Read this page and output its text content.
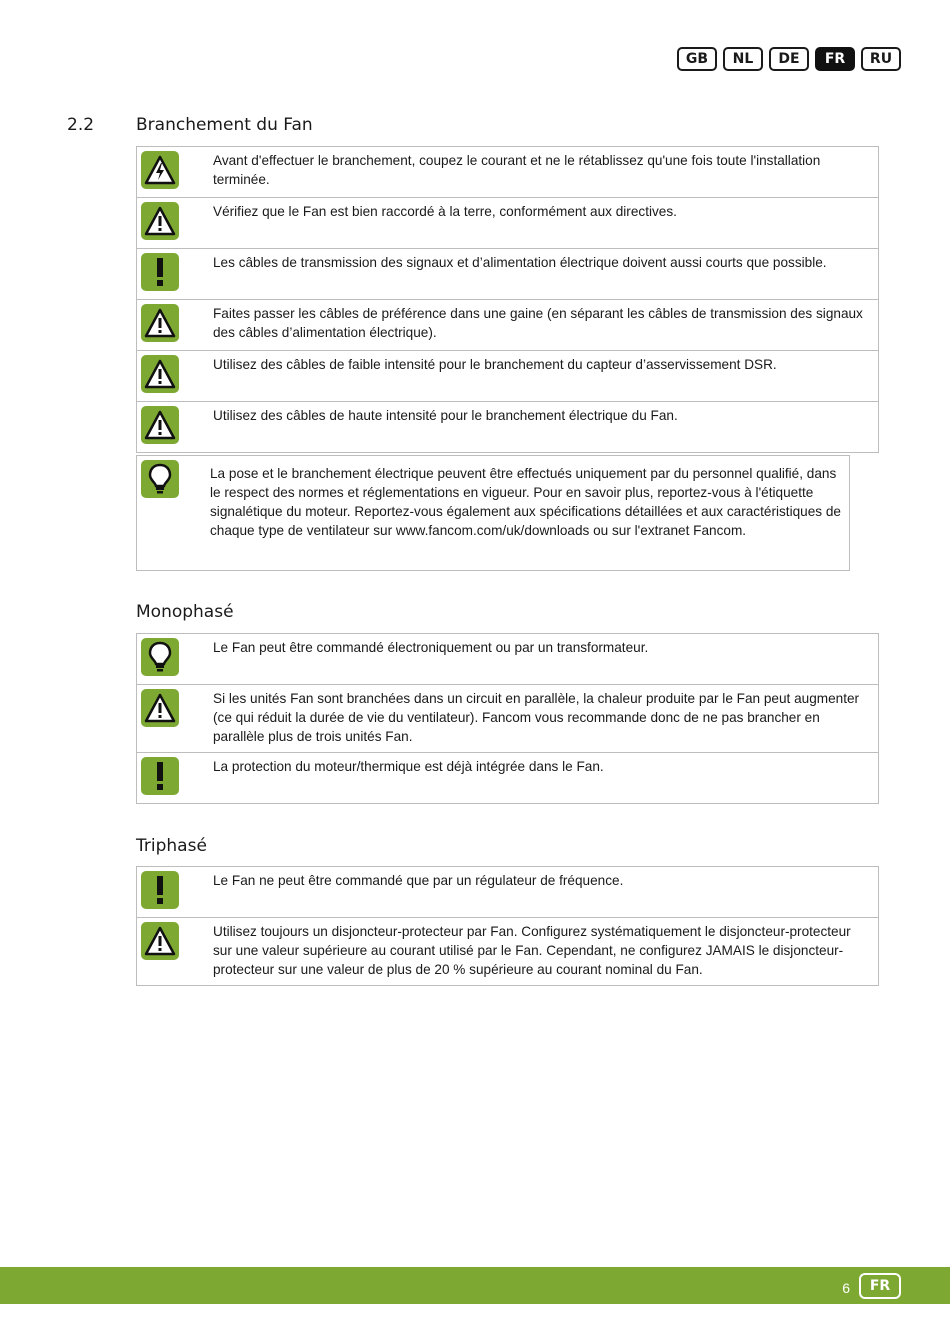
GB	NL	DE	FR	RU
2.2 Branchement du Fan
Avant d'effectuer le branchement, coupez le courant et ne le rétablissez qu'une fois toute l'installation terminée.
Vérifiez que le Fan est bien raccordé à la terre, conformément aux directives.
Les câbles de transmission des signaux et d’alimentation électrique doivent aussi courts que possible.
Faites passer les câbles de préférence dans une gaine (en séparant les câbles de transmission des signaux des câbles d’alimentation électrique).
Utilisez des câbles de faible intensité pour le branchement du capteur d’asservissement DSR.
Utilisez des câbles de haute intensité pour le branchement électrique du Fan.
La pose et le branchement électrique peuvent être effectués uniquement par du personnel qualifié, dans le respect des normes et réglementations en vigueur. Pour en savoir plus, reportez-vous à l'étiquette signalétique du moteur. Reportez-vous également aux spécifications détaillées et aux caractéristiques de chaque type de ventilateur sur www.fancom.com/uk/downloads ou sur l'extranet Fancom.
Monophasé
Le Fan peut être commandé électroniquement ou par un transformateur.
Si les unités Fan sont branchées dans un circuit en parallèle, la chaleur produite par le Fan peut augmenter (ce qui réduit la durée de vie du ventilateur). Fancom vous recommande donc de ne pas brancher en parallèle plus de trois unités Fan.
La protection du moteur/thermique est déjà intégrée dans le Fan.
Triphasé
Le Fan ne peut être commandé que par un régulateur de fréquence.
Utilisez toujours un disjoncteur-protecteur par Fan. Configurez systématiquement le disjoncteur-protecteur sur une valeur supérieure au courant utilisé par le Fan. Cependant, ne configurez JAMAIS le disjoncteur-protecteur sur une valeur de plus de 20 % supérieure au courant nominal du Fan.
6	FR
